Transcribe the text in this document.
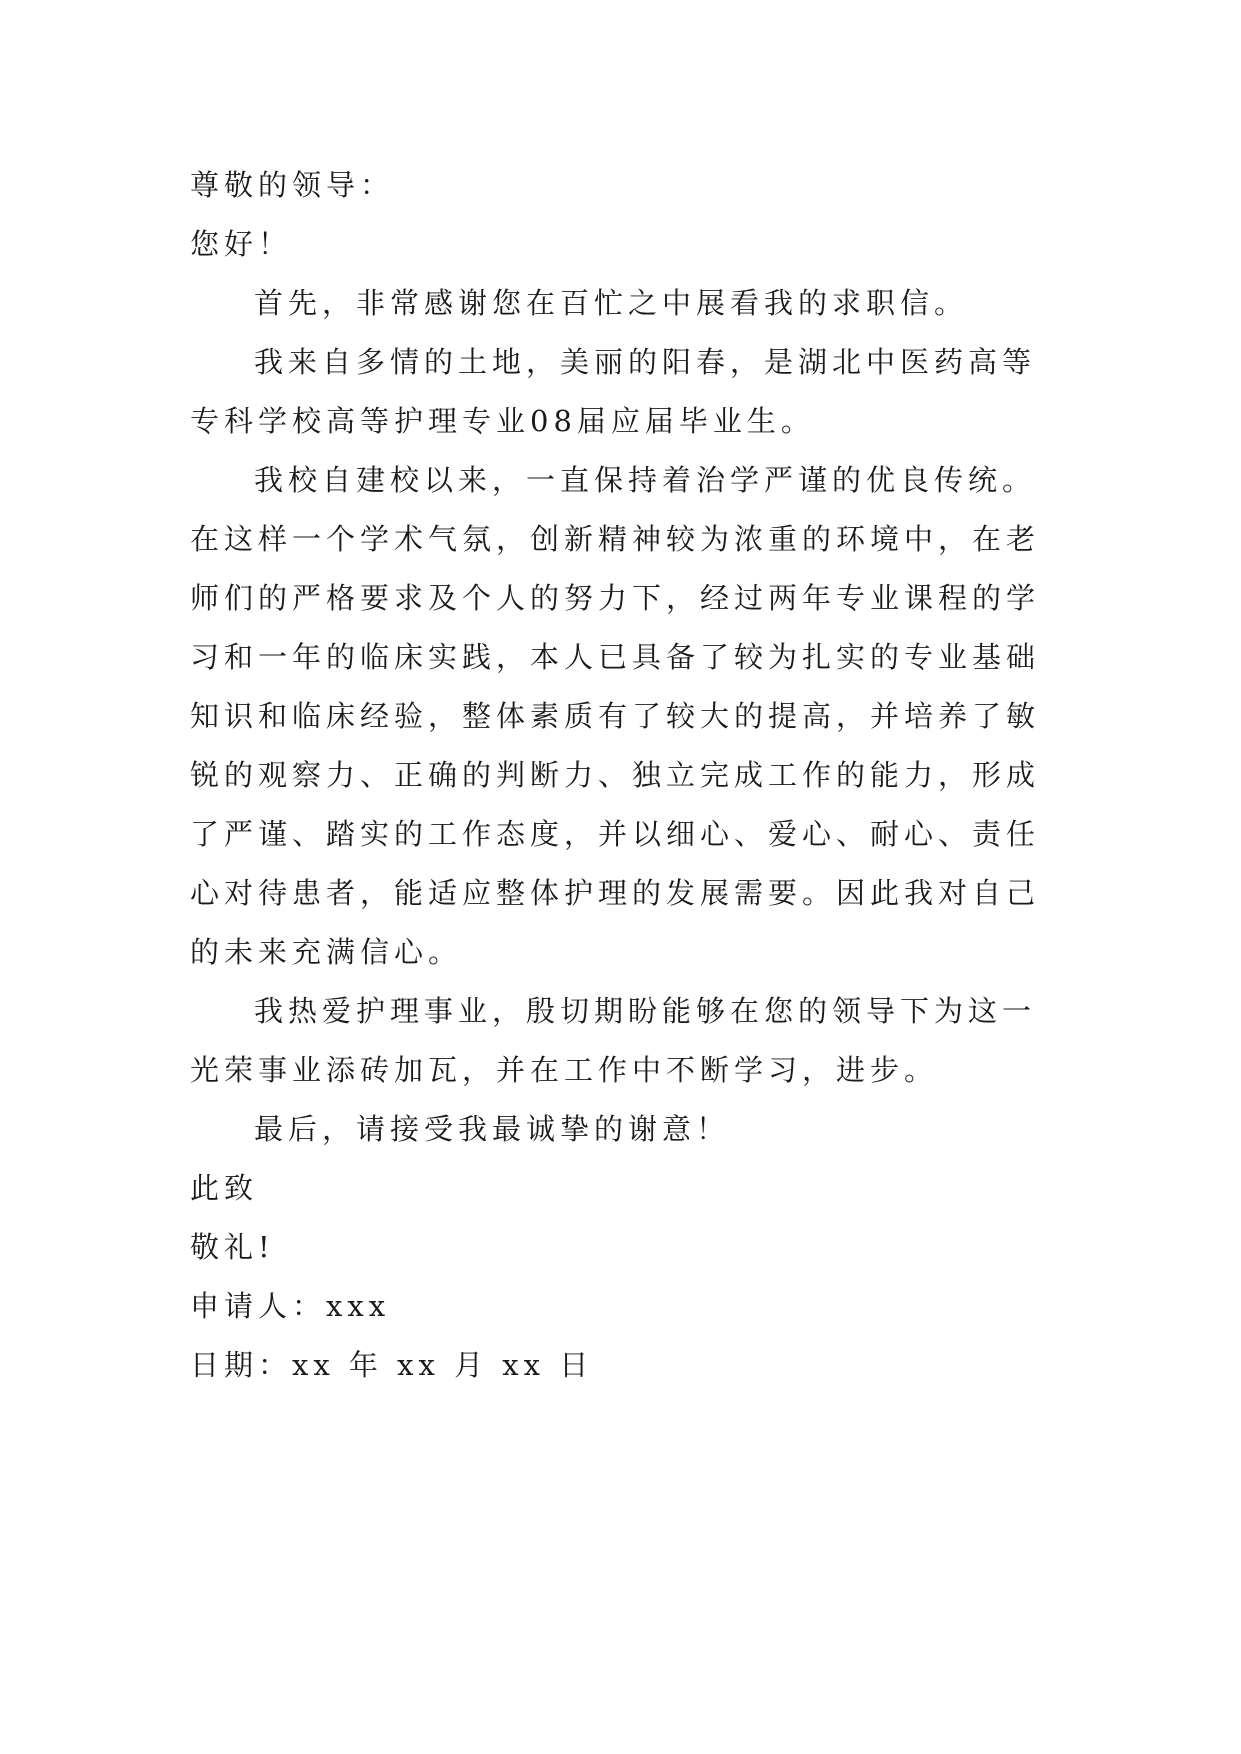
尊敬的领导：

您好！

首先，非常感谢您在百忙之中展看我的求职信。

我来自多情的土地，美丽的阳春，是湖北中医药高等专科学校高等护理专业08届应届毕业生。

我校自建校以来，一直保持着治学严谨的优良传统。在这样一个学术气氛，创新精神较为浓重的环境中，在老师们的严格要求及个人的努力下，经过两年专业课程的学习和一年的临床实践，本人已具备了较为扎实的专业基础知识和临床经验，整体素质有了较大的提高，并培养了敏锐的观察力、正确的判断力、独立完成工作的能力，形成了严谨、踏实的工作态度，并以细心、爱心、耐心、责任心对待患者，能适应整体护理的发展需要。因此我对自己的未来充满信心。

我热爱护理事业，殷切期盼能够在您的领导下为这一光荣事业添砖加瓦，并在工作中不断学习，进步。

最后，请接受我最诚挚的谢意！

此致

敬礼!

申请人：xxx

日期：xx 年 xx 月 xx 日
